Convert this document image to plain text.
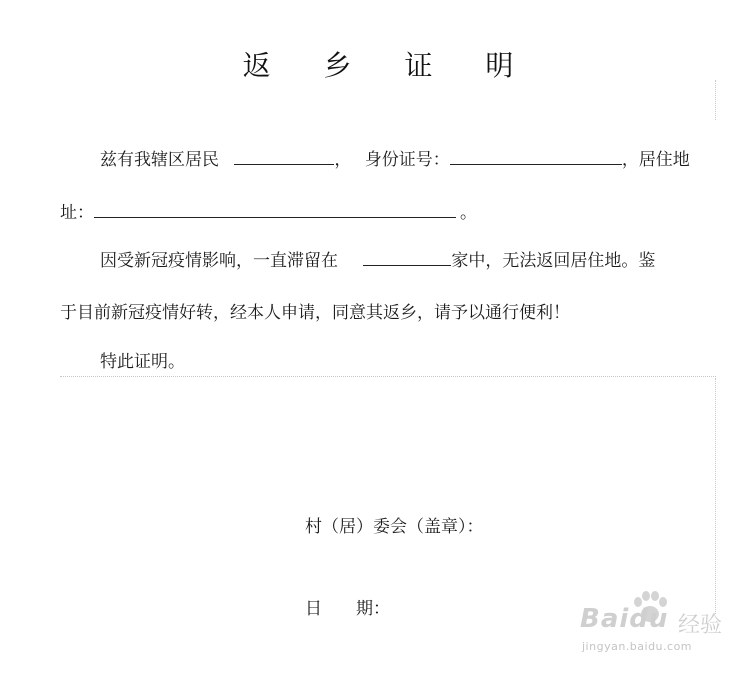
返 乡 证 明
兹有我辖区居民	， 身份证号：	，居住地
址：	。
因受新冠疫情影响，一直滞留在	家中，无法返回居住地。鉴
于目前新冠疫情好转，经本人申请，同意其返乡，请予以通行便利！
特此证明。
村（居）委会（盖章）：
日　　期：	Baidu 经验
jingyan.baidu.com
